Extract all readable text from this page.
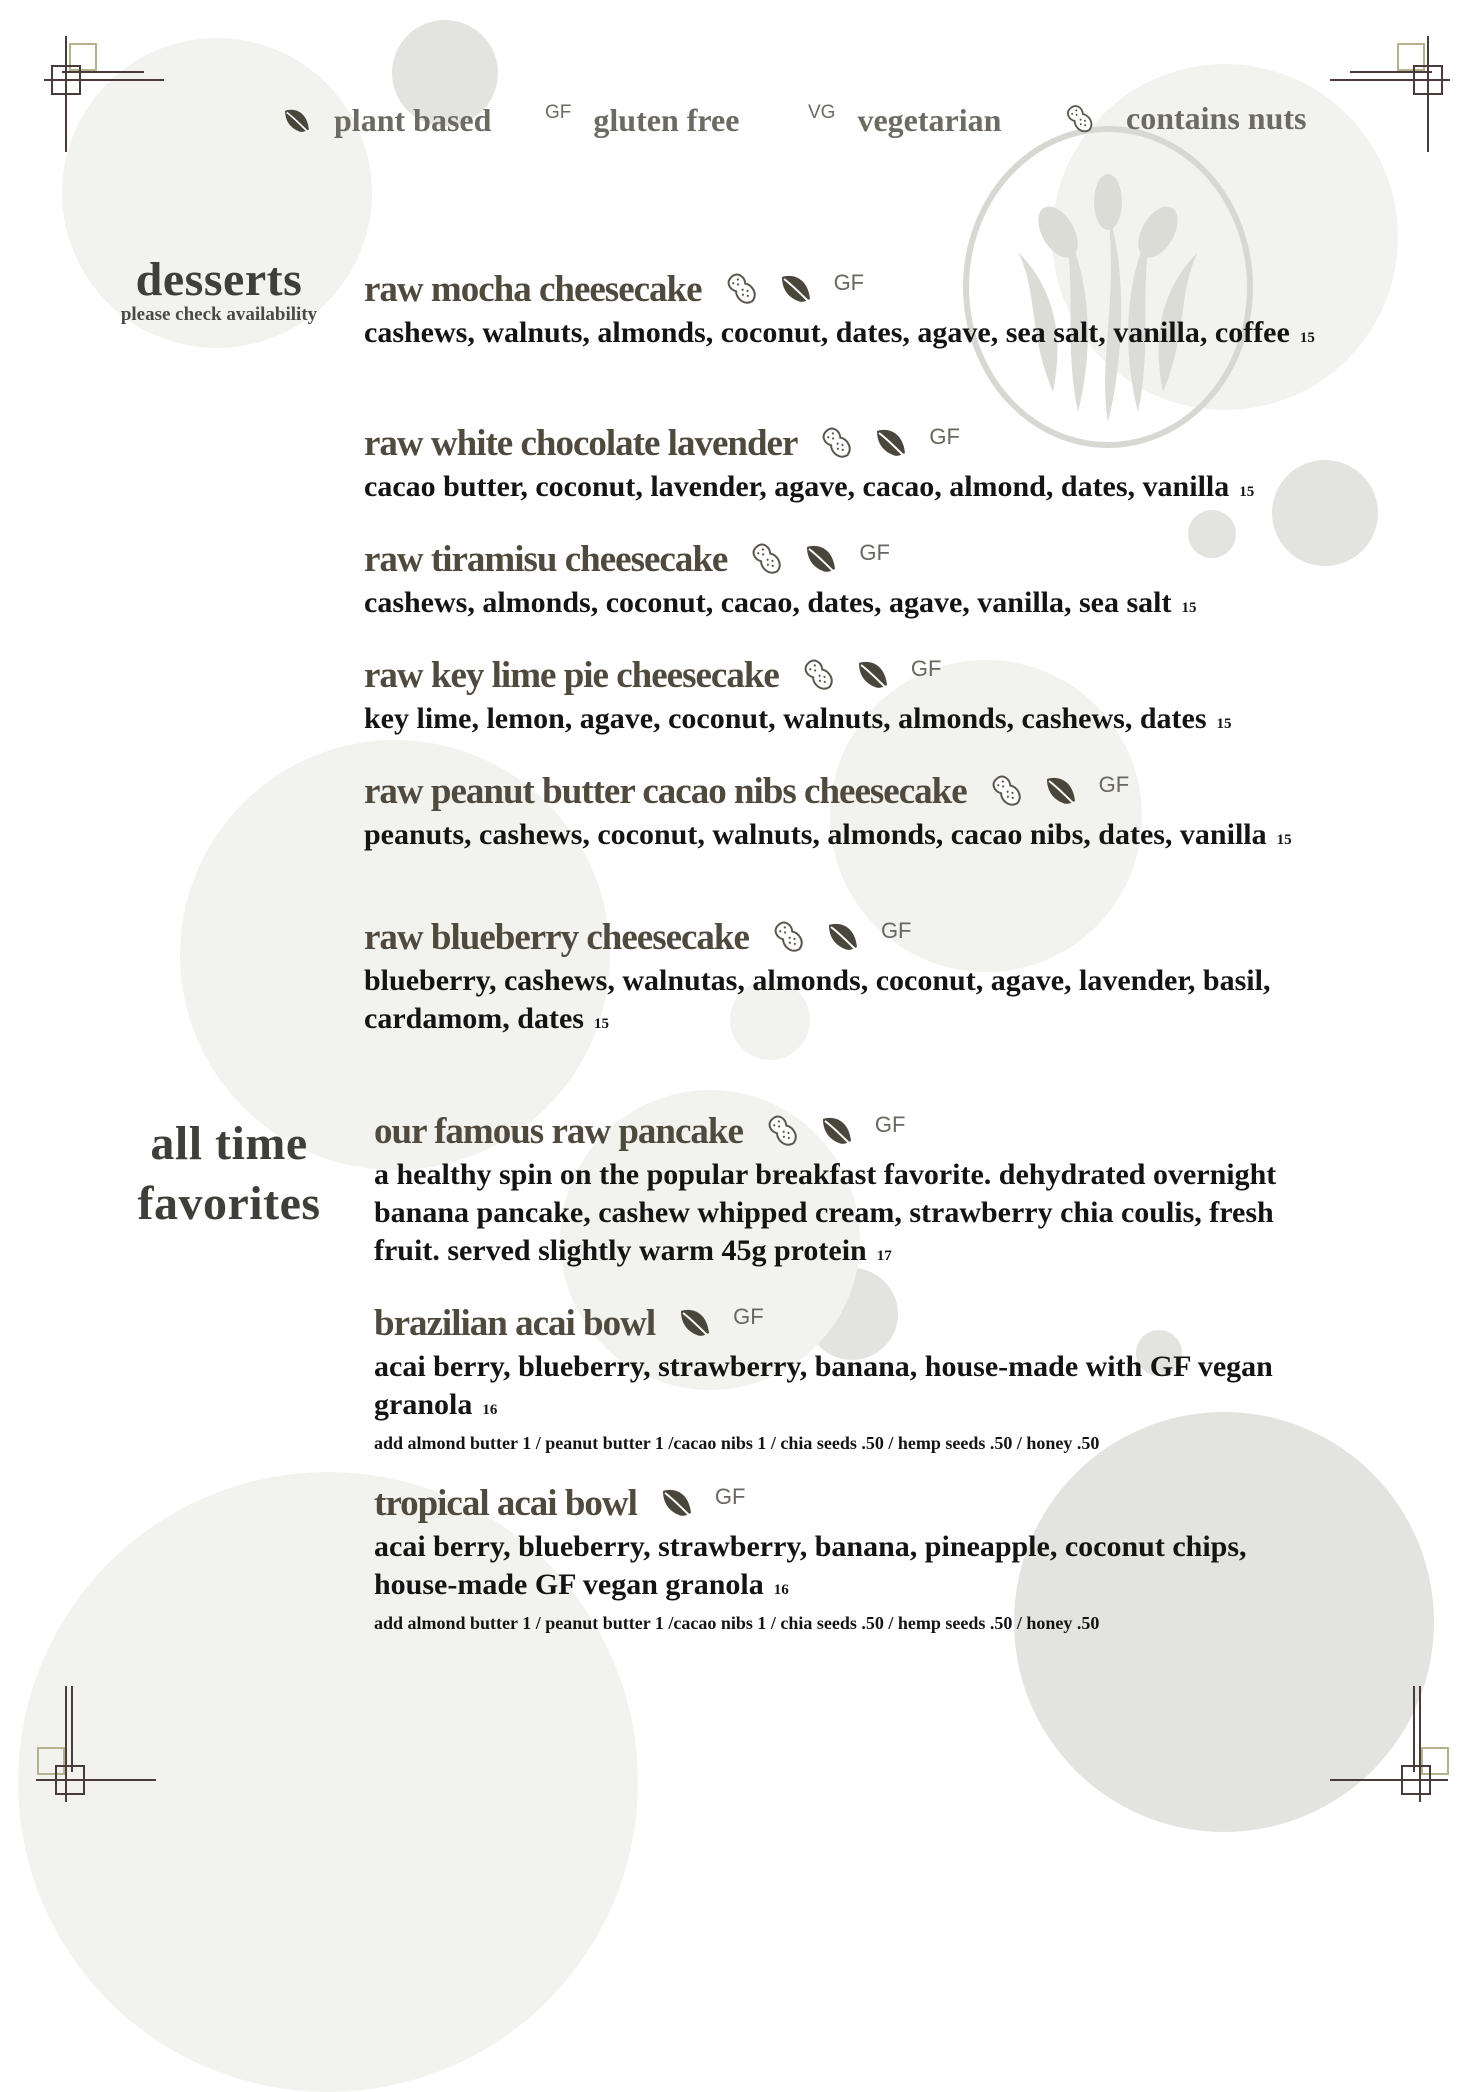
plant based	GF gluten free	VG vegetarian	contains nuts
desserts
please check availability
raw mocha cheesecake	GF
cashews, walnuts, almonds, coconut, dates, agave, sea salt, vanilla, coffee 15
raw white chocolate lavender	GF
cacao butter, coconut, lavender, agave, cacao, almond, dates, vanilla 15
raw tiramisu cheesecake	GF
cashews, almonds, coconut, cacao, dates, agave, vanilla, sea salt 15
raw key lime pie cheesecake	GF
key lime, lemon, agave, coconut, walnuts, almonds, cashews, dates 15
raw peanut butter cacao nibs cheesecake	GF
peanuts, cashews, coconut, walnuts, almonds, cacao nibs, dates, vanilla 15
raw blueberry cheesecake	GF
blueberry, cashews, walnutas, almonds, coconut, agave, lavender, basil, cardamom, dates 15
all time
favorites
our famous raw pancake	GF
a healthy spin on the popular breakfast favorite. dehydrated overnight banana pancake, cashew whipped cream, strawberry chia coulis, fresh fruit. served slightly warm 45g protein 17
brazilian acai bowl	GF
acai berry, blueberry, strawberry, banana, house-made with GF vegan granola 16
add almond butter 1 / peanut butter 1 /cacao nibs 1 / chia seeds .50 / hemp seeds .50 / honey .50
tropical acai bowl	GF
acai berry, blueberry, strawberry, banana, pineapple, coconut chips, house-made GF vegan granola 16
add almond butter 1 / peanut butter 1 /cacao nibs 1 / chia seeds .50 / hemp seeds .50 / honey .50
